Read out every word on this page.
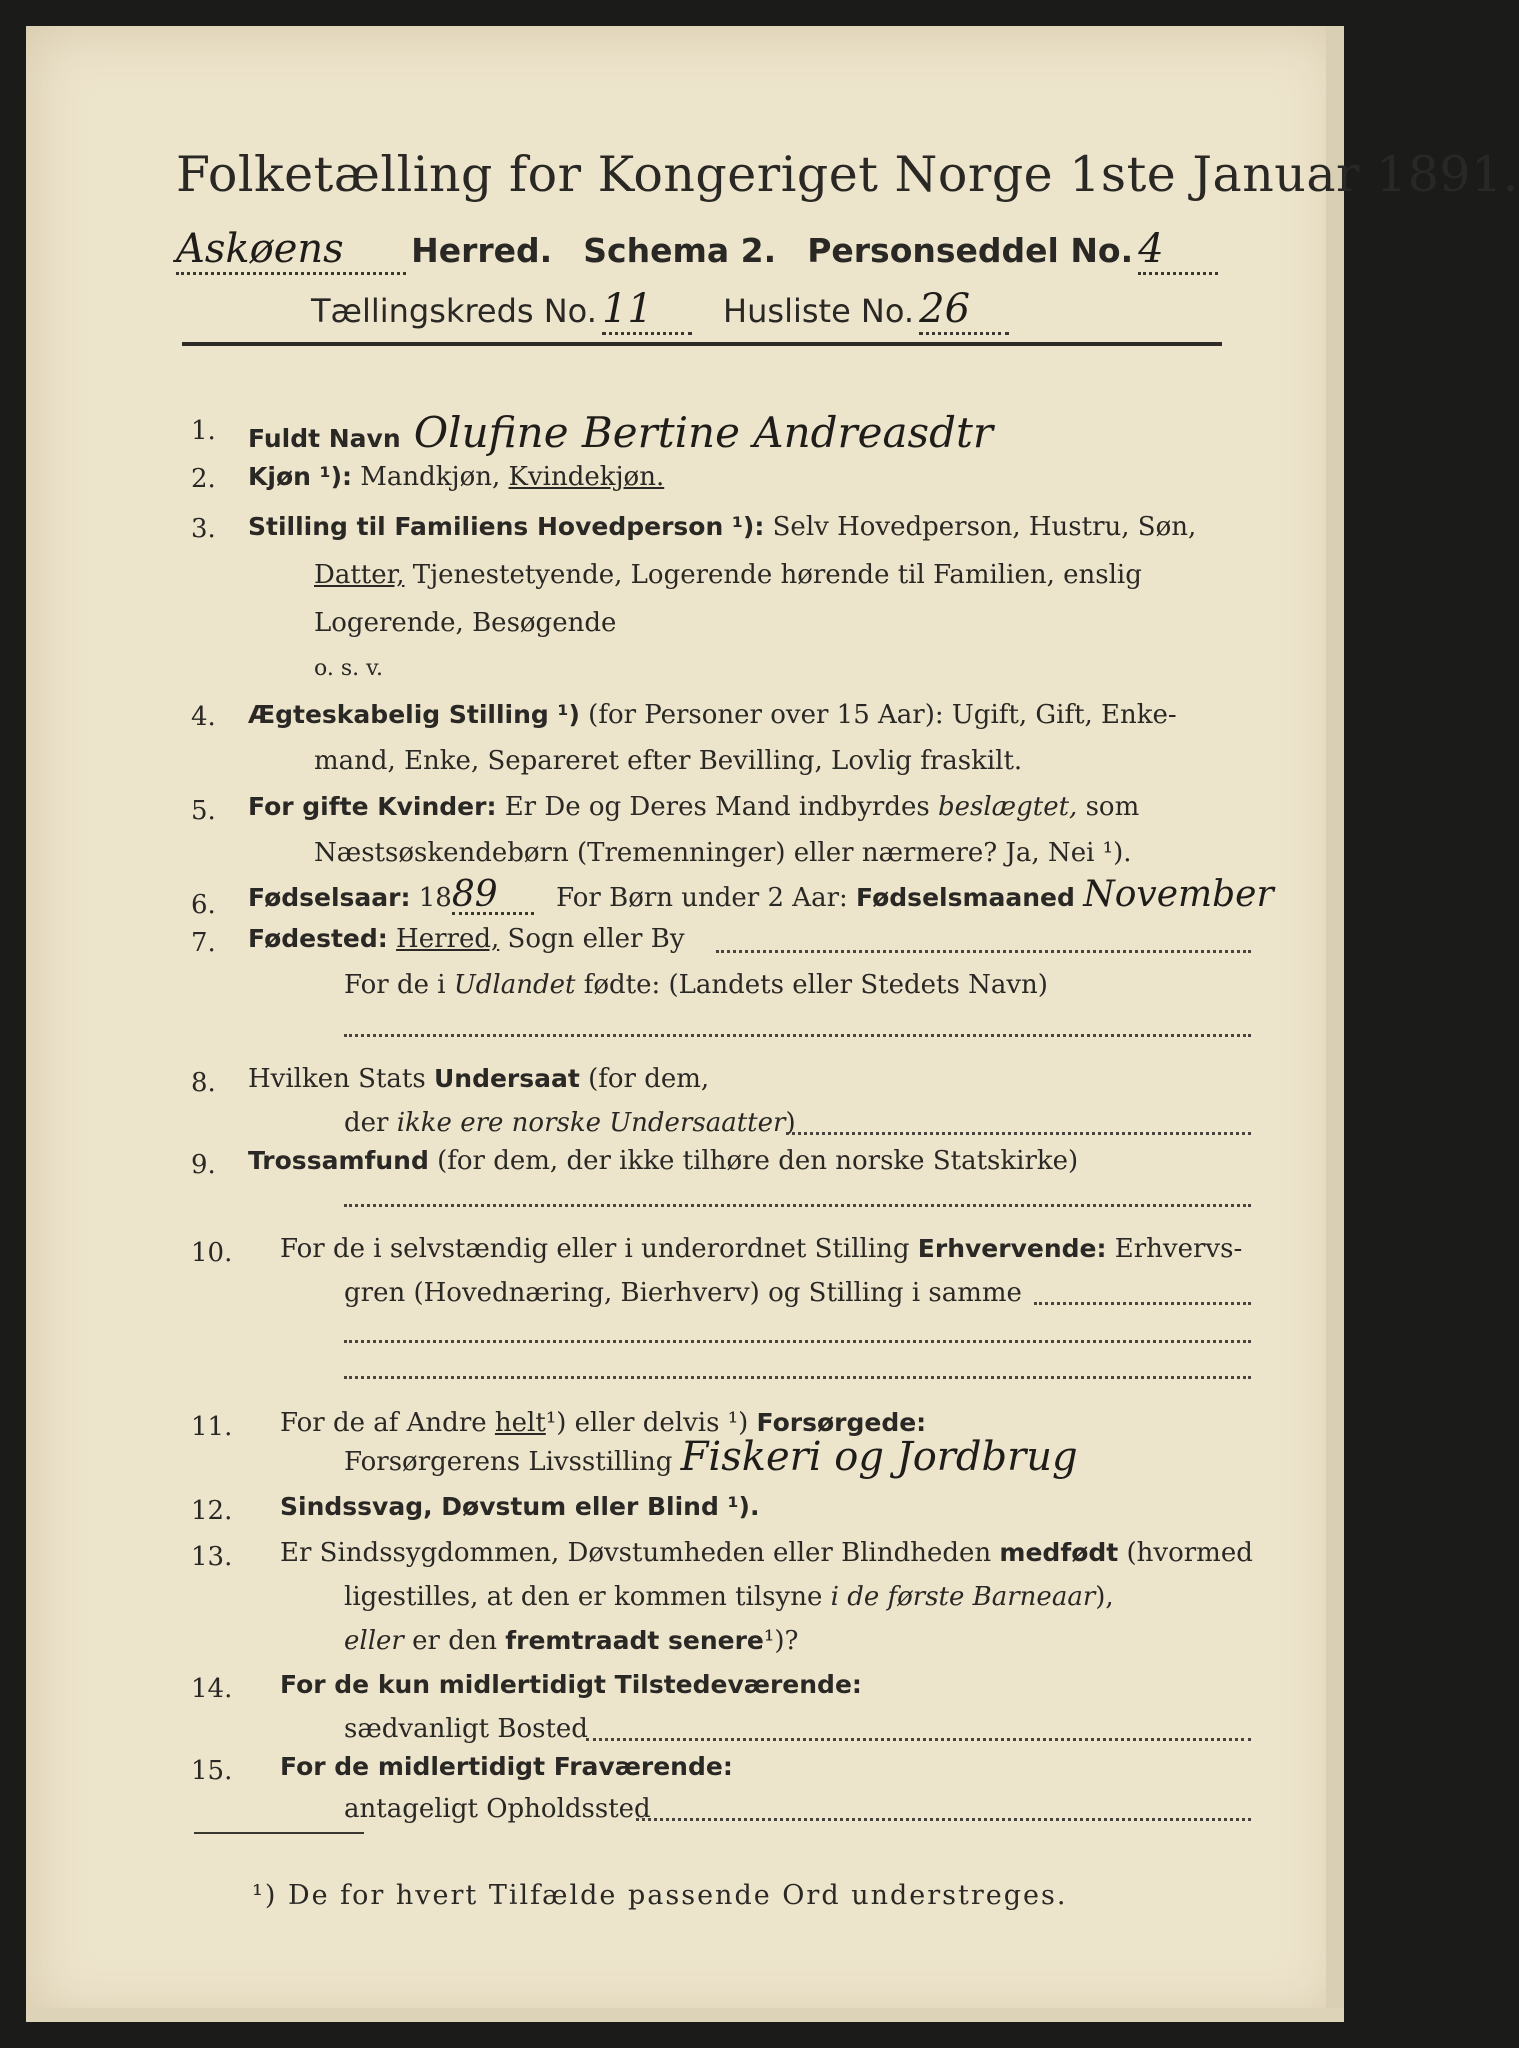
Folketælling for Kongeriget Norge 1ste Januar 1891.
Askøens Herred. Schema 2. Personseddel No. 4
Tællingskreds No. 11 Husliste No. 26
1. Fuldt Navn Olufine Bertine Andreasdtr
2. Kjøn ¹): Mandkjøn, Kvindekjøn.
3. Stilling til Familiens Hovedperson ¹): Selv Hovedperson, Hustru, Søn,
Datter, Tjenestetyende, Logerende hørende til Familien, enslig
Logerende, Besøgende
o. s. v.
4. Ægteskabelig Stilling ¹) (for Personer over 15 Aar): Ugift, Gift, Enke-
mand, Enke, Separeret efter Bevilling, Lovlig fraskilt.
5. For gifte Kvinder: Er De og Deres Mand indbyrdes beslægtet, som
Næstsøskendebørn (Tremenninger) eller nærmere? Ja, Nei ¹).
6. Fødselsaar: 1889 For Børn under 2 Aar: Fødselsmaaned November
7. Fødested: Herred, Sogn eller By
For de i Udlandet fødte: (Landets eller Stedets Navn)
8. Hvilken Stats Undersaat (for dem,
der ikke ere norske Undersaatter)
9. Trossamfund (for dem, der ikke tilhøre den norske Statskirke)
10. For de i selvstændig eller i underordnet Stilling Erhvervende: Erhvervs-
gren (Hovednæring, Bierhverv) og Stilling i samme
11. For de af Andre helt¹) eller delvis ¹) Forsørgede:
Forsørgerens Livsstilling Fiskeri og Jordbrug
12. Sindssvag, Døvstum eller Blind ¹).
13. Er Sindssygdommen, Døvstumheden eller Blindheden medfødt (hvormed
ligestilles, at den er kommen tilsyne i de første Barneaar),
eller er den fremtraadt senere¹)?
14. For de kun midlertidigt Tilstedeværende:
sædvanligt Bosted
15. For de midlertidigt Fraværende:
antageligt Opholdssted
¹) De for hvert Tilfælde passende Ord understreges.
